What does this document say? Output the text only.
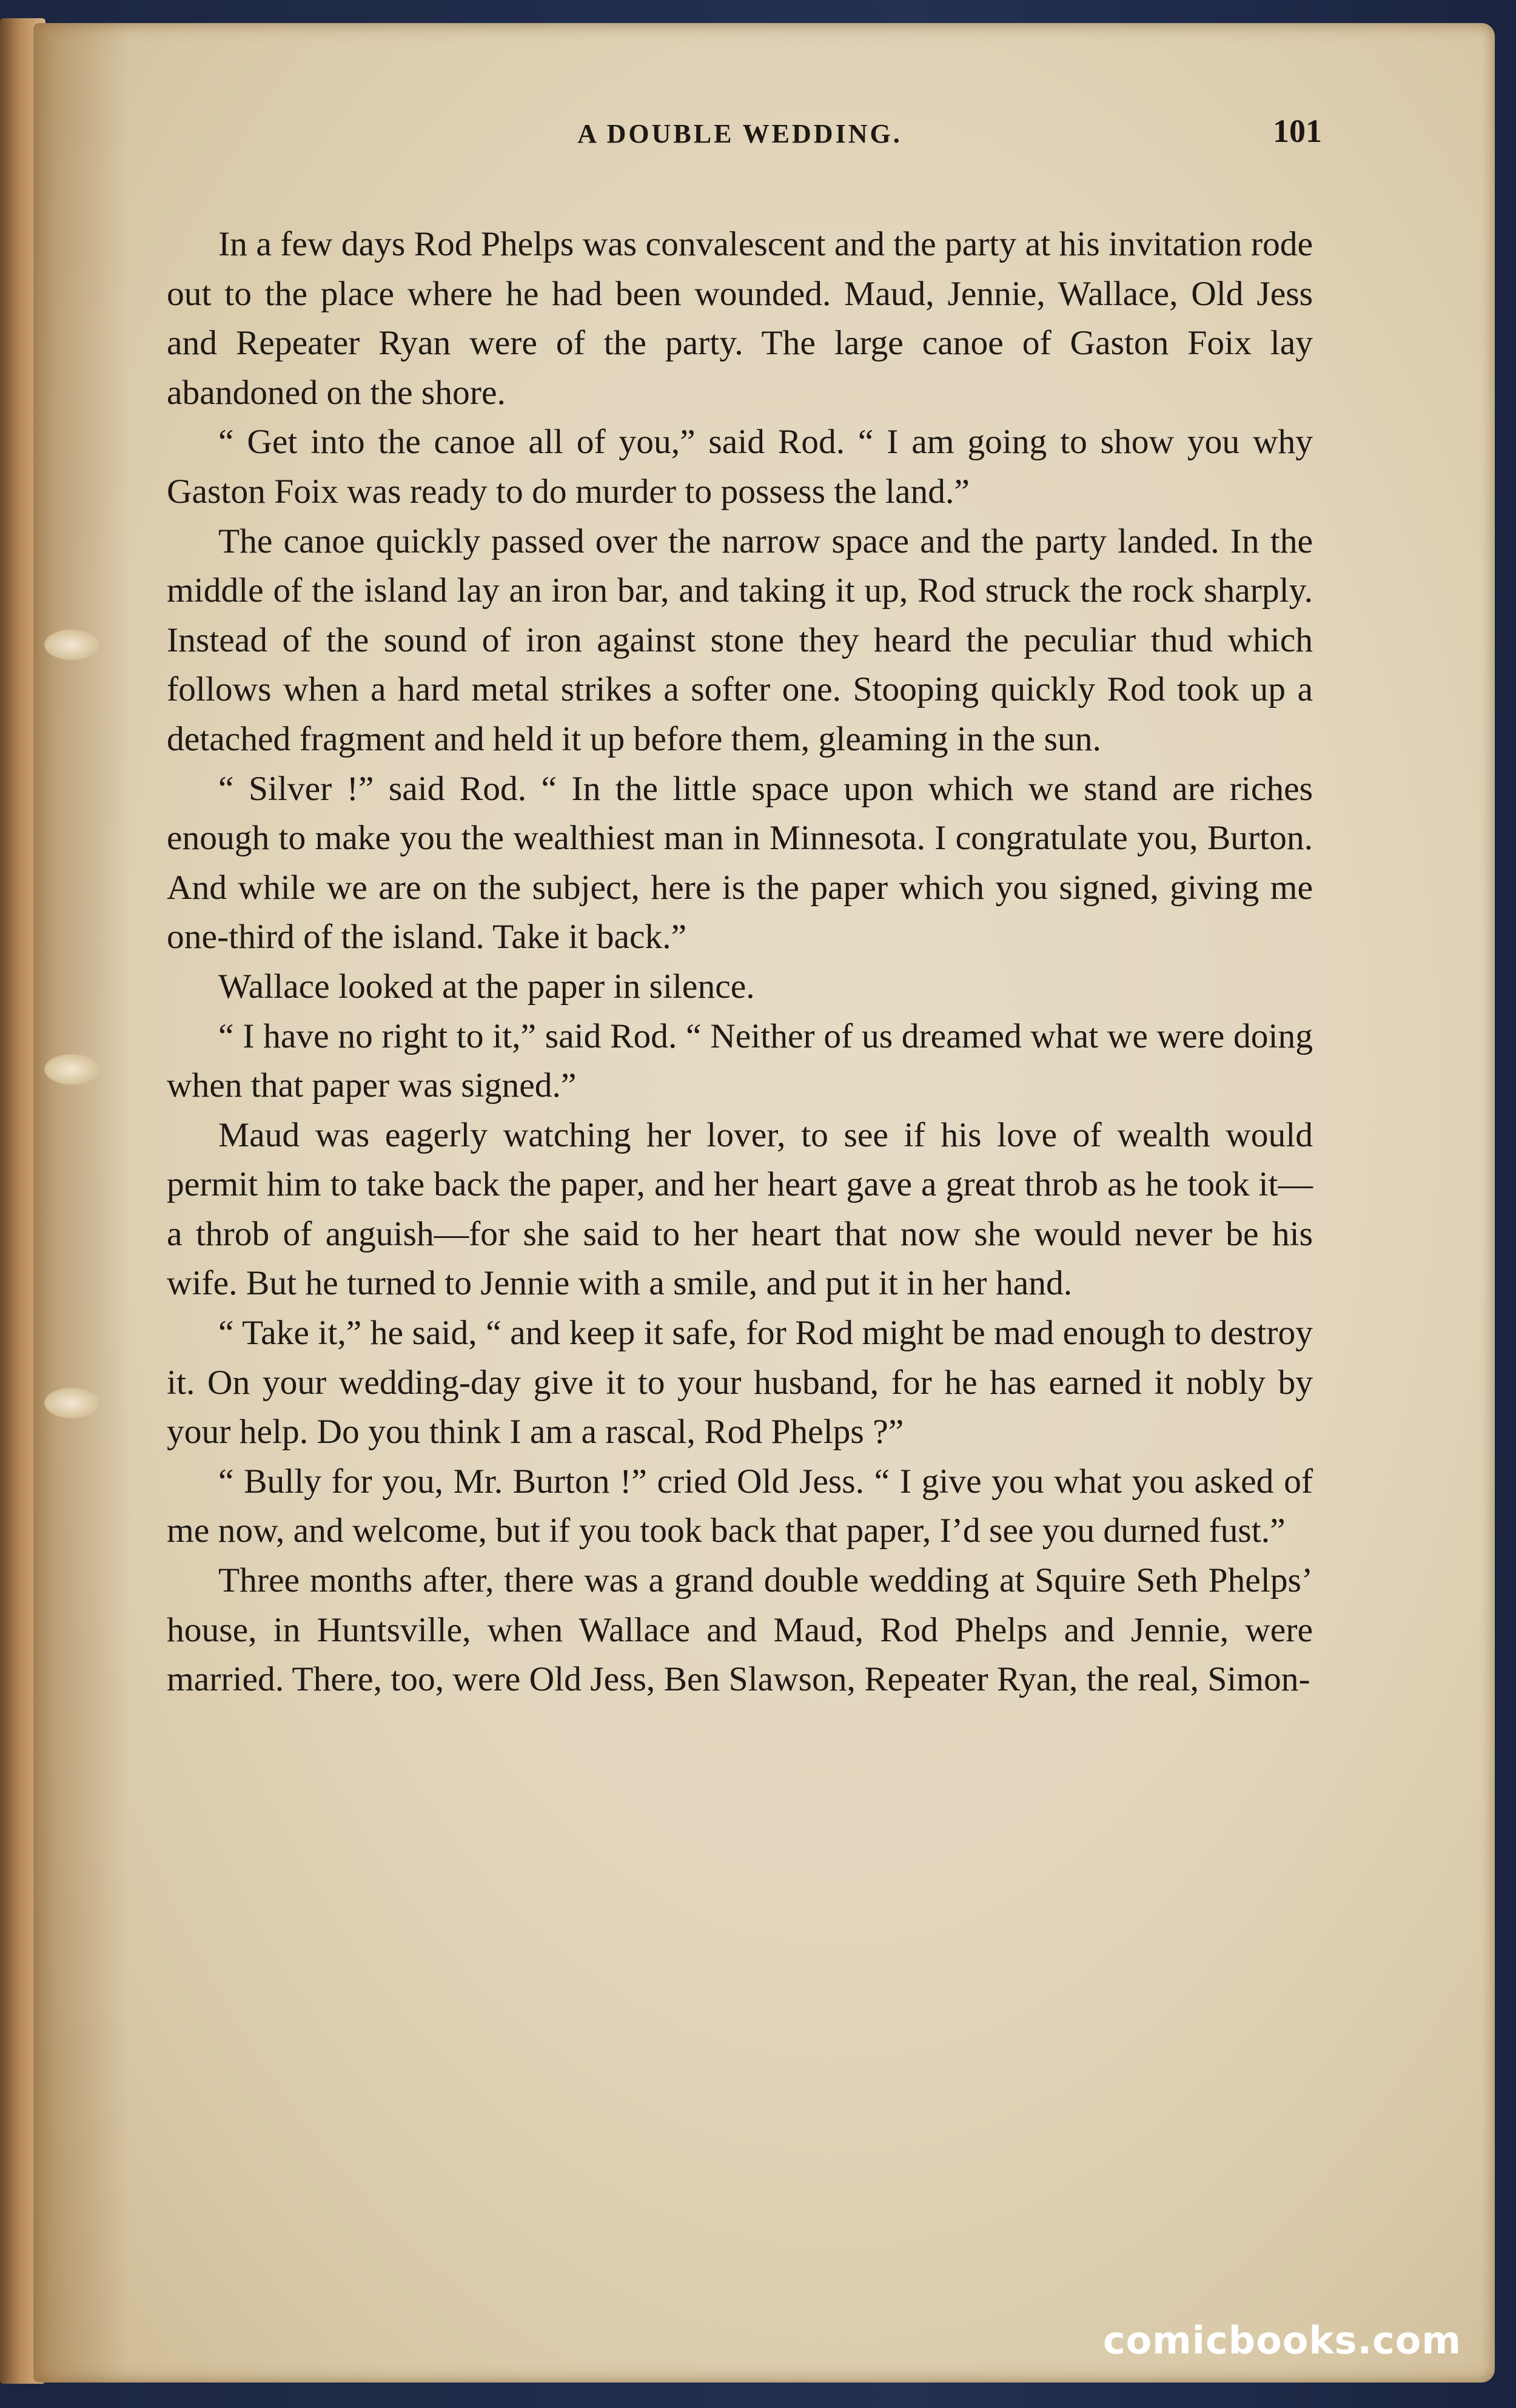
A DOUBLE WEDDING.	101

In a few days Rod Phelps was convalescent and the party at his invitation rode out to the place where he had been wounded. Maud, Jennie, Wallace, Old Jess and Repeater Ryan were of the party. The large canoe of Gaston Foix lay abandoned on the shore.

“ Get into the canoe all of you,” said Rod. “ I am going to show you why Gaston Foix was ready to do murder to possess the land.”

The canoe quickly passed over the narrow space and the party landed. In the middle of the island lay an iron bar, and taking it up, Rod struck the rock sharply. Instead of the sound of iron against stone they heard the peculiar thud which follows when a hard metal strikes a softer one. Stooping quickly Rod took up a detached fragment and held it up before them, gleaming in the sun.

“ Silver !” said Rod. “ In the little space upon which we stand are riches enough to make you the wealthiest man in Minnesota. I congratulate you, Burton. And while we are on the subject, here is the paper which you signed, giving me one-third of the island. Take it back.”

Wallace looked at the paper in silence.

“ I have no right to it,” said Rod. “ Neither of us dreamed what we were doing when that paper was signed.”

Maud was eagerly watching her lover, to see if his love of wealth would permit him to take back the paper, and her heart gave a great throb as he took it—a throb of anguish—for she said to her heart that now she would never be his wife. But he turned to Jennie with a smile, and put it in her hand.

“ Take it,” he said, “ and keep it safe, for Rod might be mad enough to destroy it. On your wedding-day give it to your husband, for he has earned it nobly by your help. Do you think I am a rascal, Rod Phelps ?”

“ Bully for you, Mr. Burton !” cried Old Jess. “ I give you what you asked of me now, and welcome, but if you took back that paper, I’d see you durned fust.”

Three months after, there was a grand double wedding at Squire Seth Phelps’ house, in Huntsville, when Wallace and Maud, Rod Phelps and Jennie, were married. There, too, were Old Jess, Ben Slawson, Repeater Ryan, the real, Simon-

comicbooks.com
